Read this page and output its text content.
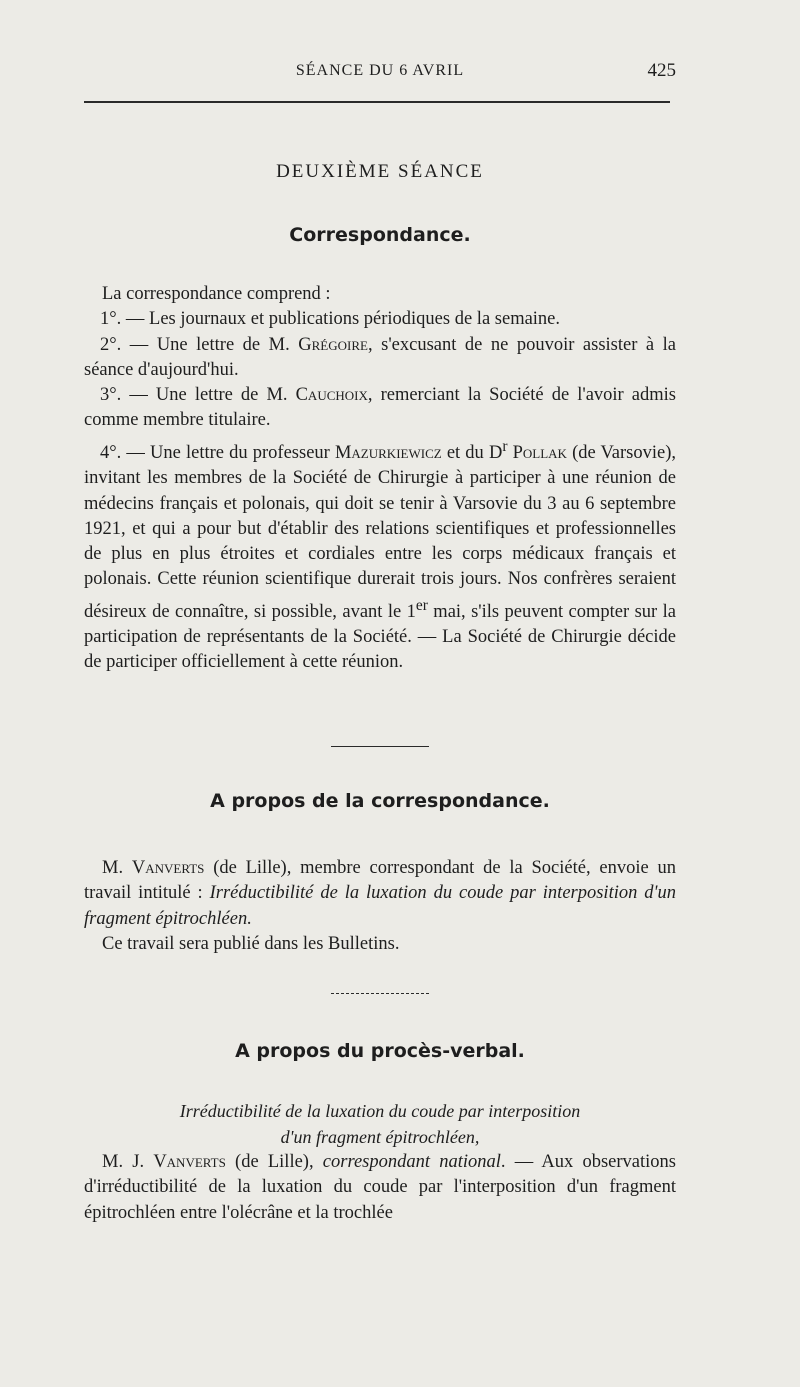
SÉANCE DU 6 AVRIL	425
DEUXIÈME SÉANCE
Correspondance.

La correspondance comprend :

1°. — Les journaux et publications périodiques de la semaine.

2°. — Une lettre de M. Grégoire, s'excusant de ne pouvoir assister à la séance d'aujourd'hui.

3°. — Une lettre de M. Cauchoix, remerciant la Société de l'avoir admis comme membre titulaire.

4°. — Une lettre du professeur Mazurkiewicz et du $D^r$ Pollak (de Varsovie), invitant les membres de la Société de Chirurgie à participer à une réunion de médecins français et polonais, qui doit se tenir à Varsovie du 3 au 6 septembre 1921, et qui a pour but d'établir des relations scientifiques et professionnelles de plus en plus étroites et cordiales entre les corps médicaux français et polonais. Cette réunion scientifique durerait trois jours. Nos confrères seraient désireux de connaître, si possible, avant le 1er mai, s'ils peuvent compter sur la participation de représentants de la Société. — La Société de Chirurgie décide de participer officiellement à cette réunion.

A propos de la correspondance.

M. Vanverts (de Lille), membre correspondant de la Société, envoie un travail intitulé : Irréductibilité de la luxation du coude par interposition d'un fragment épitrochléen.

Ce travail sera publié dans les Bulletins.

A propos du procès-verbal.
Irréductibilité de la luxation du coude par interposition
d'un fragment épitrochléen,

M. J. Vanverts (de Lille), correspondant national. — Aux observations d'irréductibilité de la luxation du coude par l'interposition d'un fragment épitrochléen entre l'olécrâne et la trochlée
